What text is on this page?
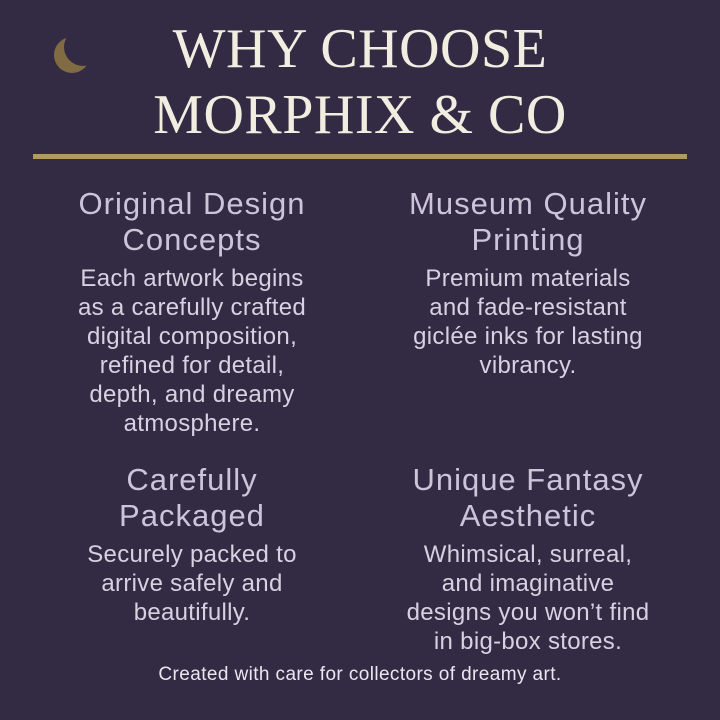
WHY CHOOSE
MORPHIX & CO
Original Design Concepts

Each artwork begins as a carefully crafted digital composition, refined for detail, depth, and dreamy atmosphere.

Museum Quality Printing

Premium materials and fade-resistant giclée inks for lasting vibrancy.

Carefully Packaged

Securely packed to arrive safely and beautifully.

Unique Fantasy Aesthetic

Whimsical, surreal, and imaginative designs you won’t find in big-box stores.

Created with care for collectors of dreamy art.
